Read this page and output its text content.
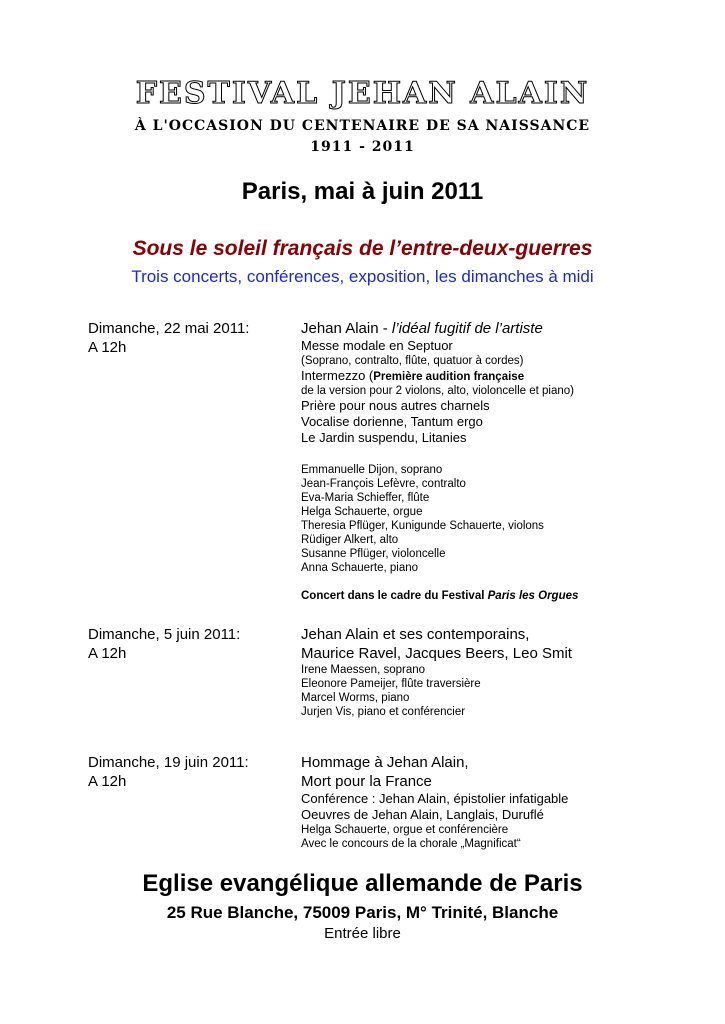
FESTIVAL JEHAN ALAIN
À L'OCCASION DU CENTENAIRE DE SA NAISSANCE
1911 - 2011
Paris, mai à juin 2011
Sous le soleil français de l’entre-deux-guerres
Trois concerts, conférences, exposition, les dimanches à midi
Dimanche, 22 mai 2011:
A 12h
Jehan Alain - l’idéal fugitif de l’artiste
Messe modale en Septuor
(Soprano, contralto, flûte, quatuor à cordes)
Intermezzo (Première audition française
de la version pour 2 violons, alto, violoncelle et piano)
Prière pour nous autres charnels
Vocalise dorienne, Tantum ergo
Le Jardin suspendu, Litanies
Emmanuelle Dijon, soprano
Jean-François Lefèvre, contralto
Eva-Maria Schieffer, flûte
Helga Schauerte, orgue
Theresia Pflüger, Kunigunde Schauerte, violons
Rüdiger Alkert, alto
Susanne Pflüger, violoncelle
Anna Schauerte, piano
Concert dans le cadre du Festival Paris les Orgues
Dimanche, 5 juin 2011:
A 12h
Jehan Alain et ses contemporains,
Maurice Ravel, Jacques Beers, Leo Smit
Irene Maessen, soprano
Eleonore Pameijer, flûte traversière
Marcel Worms, piano
Jurjen Vis, piano et conférencier
Dimanche, 19 juin 2011:
A 12h
Hommage à Jehan Alain,
Mort pour la France
Conférence : Jehan Alain, épistolier infatigable
Oeuvres de Jehan Alain, Langlais, Duruflé
Helga Schauerte, orgue et conférencière
Avec le concours de la chorale „Magnificat“
Eglise evangélique allemande de Paris
25 Rue Blanche, 75009 Paris, M° Trinité, Blanche
Entrée libre
